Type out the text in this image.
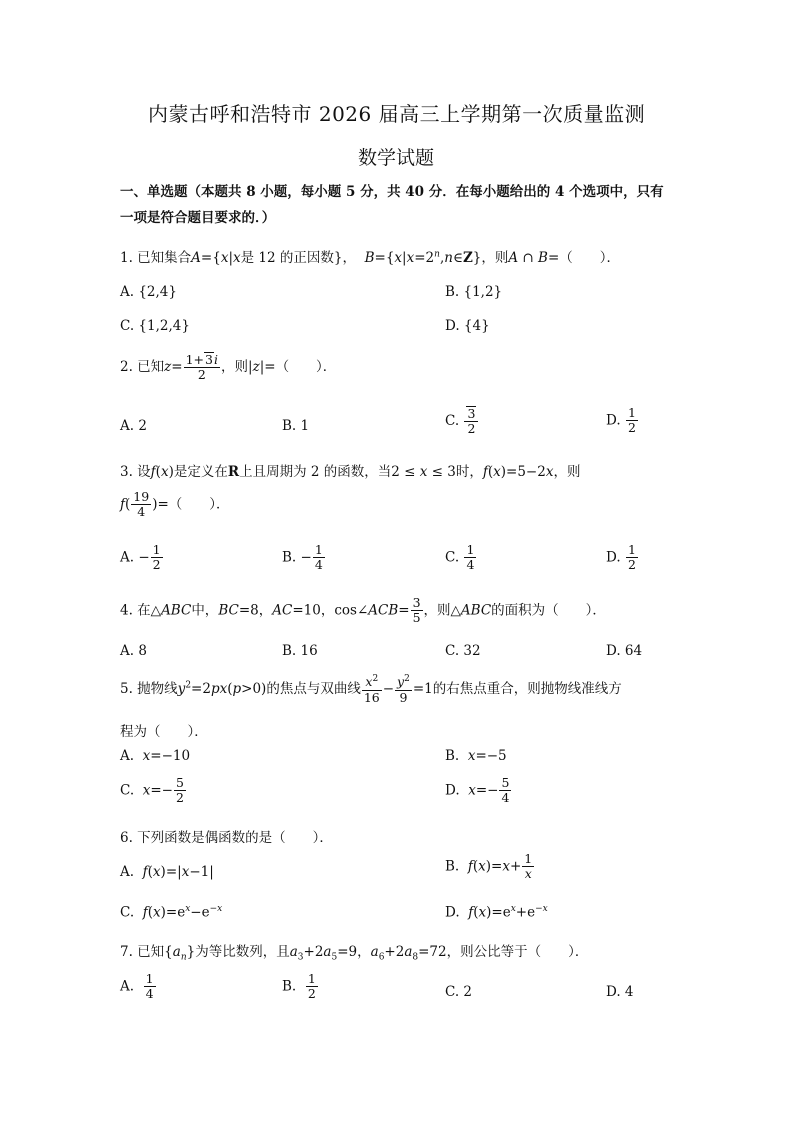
内蒙古呼和浩特市 2026 届高三上学期第一次质量监测
数学试题
一、单选题（本题共 8 小题，每小题 5 分，共 40 分．在每小题给出的 4 个选项中，只有
一项是符合题目要求的．）
1. 已知集合A={x|x是 12 的正因数}， $B=\{x|x=2^n,n\in Z\}$，则A ∩ B=（　　）．
A. {2,4}	B. {1,2}
C. {1,2,4}	D. {4}
2. 已知$z= \frac{1+3i}{2}$ ，则|z|=（　　）．
A. 2	B. 1	C. $\frac{3}{2}$	D. $\frac{1}{2}$
3. 设f(x)是定义在R上且周期为 2 的函数，当2 ≤ x ≤ 3时，f(x)=5−2x，则
$f( \frac{19}{4}$ )=（　　）．
A. − $\frac{1}{2}$	B. − $\frac{1}{4}$	C. $\frac{1}{4}$	D. $\frac{1}{2}$
4. 在△ABC中，BC=8，AC=10，cos∠ACB= $\frac{3}{5}$ ，则△ABC的面积为（　　）．
A. 8	B. 16	C. 32	D. 64
5. 抛物线$y^2=2px(p>0)$的焦点与双曲线 $\frac{x^2}{16} - \frac{y^2}{9} =1$的右焦点重合，则抛物线准线方
程为（　　）．
A. x=−10	B. x=−5
C. $x=- \frac{5}{2}$	D. $x=- \frac{5}{4}$
6. 下列函数是偶函数的是（　　）．
A. f(x)=|x−1|	B. $f(x)=x+ \frac{1}{x}$
C. $f(x)=e^x-e^{-x}$	D. $f(x)=e^x+e^{-x}$
7. 已知$\{a_n\}$为等比数列，且$a_3+2a_5=9$，$a_6+2a_8=72$，则公比等于（　　）．
A. $\frac{1}{4}$	B. $\frac{1}{2}$	C. 2	D. 4
